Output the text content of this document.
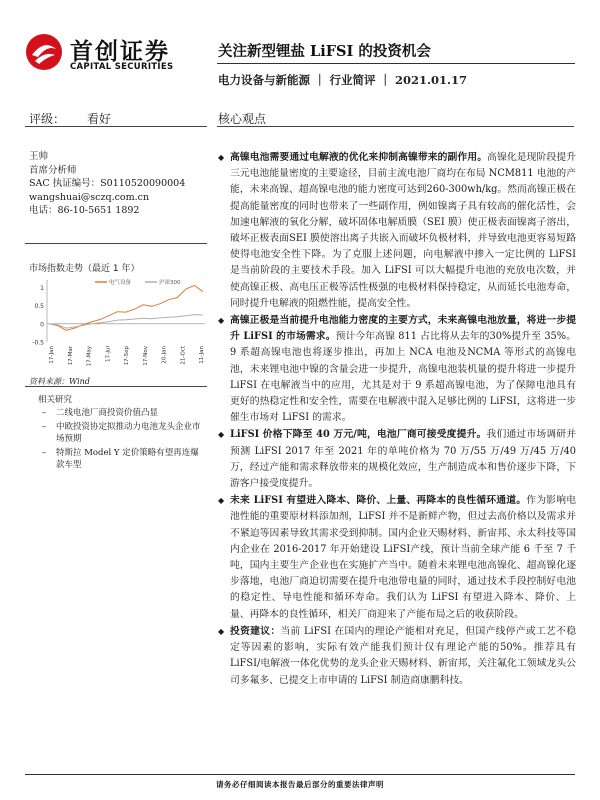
首创证券
CAPITAL SECURITIES
关注新型锂盐 LiFSI 的投资机会
电力设备与新能源 ｜ 行业简评 ｜ 2021.01.17
评级： 看好
王帅
首席分析师
SAC 执证编号：S0110520090004
wangshuai@sczq.com.cn
电话：86-10-5651 1892
市场指数走势（最近 1 年）
1
0.5
0
-0.5
17-Jan 17-Mar 17-May 17-Jul 17-Sep 17-Nov 20-Jan 21-Oct 11-Jan
电气设备	沪深300
资料来源：Wind
相关研究
– 二线电池厂商投资价值凸显
– 中欧投资协定拟推动力电池龙头企业市场预期
– 特斯拉 Model Y 定价策略有望再连爆款车型
核心观点
◆ 高镍电池需要通过电解液的优化来抑制高镍带来的副作用。高镍化是现阶段提升三元电池能量密度的主要途径，目前主流电池厂商均在布局 NCM811 电池的产能，未来高镍、超高镍电池的能力密度可达到260-300wh/kg。然而高镍正极在提高能量密度的同时也带来了一些副作用，例如镍离子具有较高的催化活性，会加速电解液的氧化分解，破坏固体电解质膜（SEI 膜）使正极表面镍离子溶出，破坏正极表面SEI 膜使溶出离子共嵌入而破坏负极材料，并导致电池更容易短路使得电池安全性下降。为了克服上述问题，向电解液中掺入一定比例的 LiFSI 是当前阶段的主要技术手段。加入 LiFSI 可以大幅提升电池的充放电次数，并使高镍正极、高电压正极等活性极强的电极材料保持稳定，从而延长电池寿命，同时提升电解液的阻燃性能，提高安全性。
◆ 高镍正极是当前提升电池能力密度的主要方式，未来高镍电池放量，将进一步提升 LiFSI 的市场需求。预计今年高镍 811 占比将从去年的30%提升至 35%。9 系超高镍电池也将逐步推出，再加上 NCA 电池及NCMA 等形式的高镍电池，未来锂电池中镍的含量会进一步提升，高镍电池装机量的提升将进一步提升 LiFSI 在电解液当中的应用，尤其是对于 9 系超高镍电池，为了保障电池具有更好的热稳定性和安全性，需要在电解液中混入足够比例的 LiFSI，这将进一步催生市场对 LiFSI 的需求。
◆ LiFSI 价格下降至 40 万元/吨，电池厂商可接受度提升。我们通过市场调研并预测 LiFSI 2017 年至 2021 年的单吨价格为 70 万/55 万/49 万/45 万/40 万，经过产能和需求释放带来的规模化效应，生产制造成本和售价逐步下降，下游客户接受度提升。
◆ 未来 LiFSI 有望进入降本、降价、上量、再降本的良性循环通道。作为影响电池性能的重要原材料添加剂，LiFSI 并不是新鲜产物，但过去高价格以及需求并不紧迫等因素导致其需求受到抑制。国内企业天赐材料、新宙邦、永太科技等国内企业在 2016-2017 年开始建设 LiFSI产线，预计当前全球产能 6 千至 7 千吨，国内主要生产企业也在实施扩产当中。随着未来锂电池高镍化、超高镍化逐步落地，电池厂商迫切需要在提升电池带电量的同时，通过技术手段控制好电池的稳定性、导电性能和循环寿命。我们认为 LiFSI 有望进入降本、降价、上量、再降本的良性循环，相关厂商迎来了产能布局之后的收获阶段。
◆ 投资建议：当前 LiFSI 在国内的理论产能相对充足，但国产线停产或工艺不稳定等因素的影响，实际有效产能我们预计仅有理论产能的50%。推荐具有 LiFSI/电解液一体化优势的龙头企业天赐材料、新宙邦，关注氟化工领域龙头公司多氟多、已提交上市申请的 LiFSI 制造商康鹏科技。
请务必仔细阅读本报告最后部分的重要法律声明
